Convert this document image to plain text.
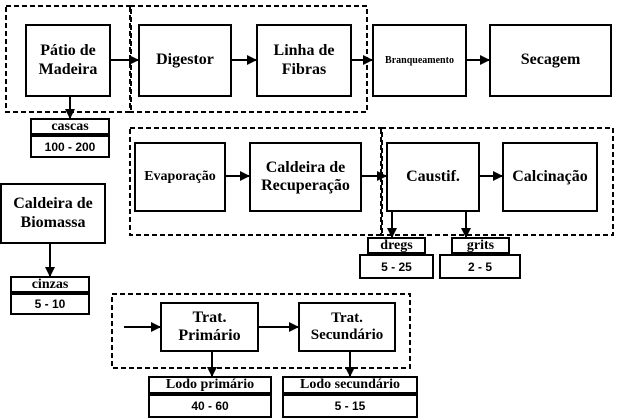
Pátio de Madeira
Digestor
Linha de Fibras
Branqueamento	Secagem
Evaporação
Caldeira de Recuperação
Caustif.	Calcinação
Caldeira de Biomassa
Trat. Primário
Trat. Secundário
cascas
100 - 200
cinzas
5 - 10
dregs
5 - 25
grits
2 - 5
Lodo primário
40 - 60
Lodo secundário
5 - 15
